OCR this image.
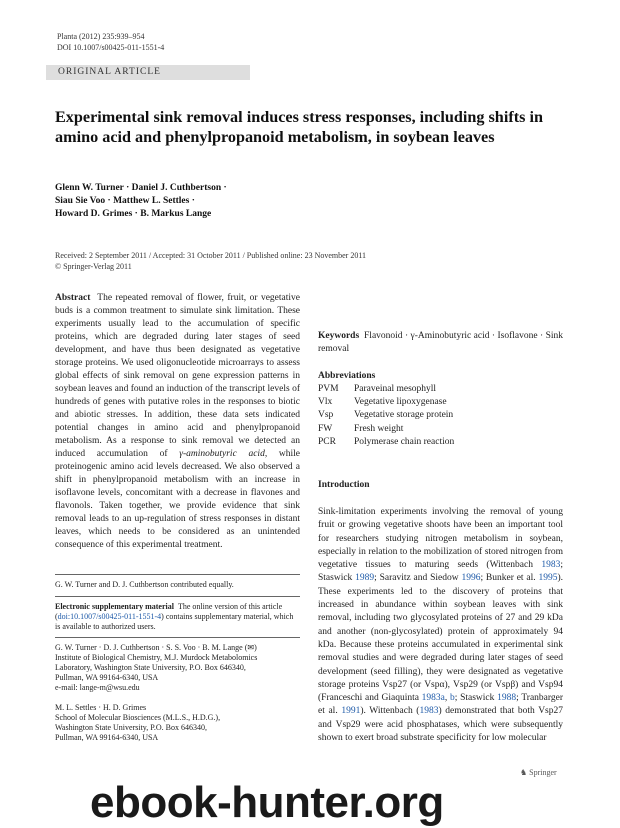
Planta (2012) 235:939–954
DOI 10.1007/s00425-011-1551-4
ORIGINAL ARTICLE
Experimental sink removal induces stress responses, including shifts in amino acid and phenylpropanoid metabolism, in soybean leaves
Glenn W. Turner · Daniel J. Cuthbertson ·
Siau Sie Voo · Matthew L. Settles ·
Howard D. Grimes · B. Markus Lange
Received: 2 September 2011 / Accepted: 31 October 2011 / Published online: 23 November 2011
© Springer-Verlag 2011
Abstract The repeated removal of flower, fruit, or vegetative buds is a common treatment to simulate sink limitation. These experiments usually lead to the accumulation of specific proteins, which are degraded during later stages of seed development, and have thus been designated as vegetative storage proteins. We used oligonucleotide microarrays to assess global effects of sink removal on gene expression patterns in soybean leaves and found an induction of the transcript levels of hundreds of genes with putative roles in the responses to biotic and abiotic stresses. In addition, these data sets indicated potential changes in amino acid and phenylpropanoid metabolism. As a response to sink removal we detected an induced accumulation of γ-aminobutyric acid, while proteinogenic amino acid levels decreased. We also observed a shift in phenylpropanoid metabolism with an increase in isoflavone levels, concomitant with a decrease in flavones and flavonols. Taken together, we provide evidence that sink removal leads to an up-regulation of stress responses in distant leaves, which needs to be considered as an unintended consequence of this experimental treatment.
G. W. Turner and D. J. Cuthbertson contributed equally.
Electronic supplementary material The online version of this article (doi:10.1007/s00425-011-1551-4) contains supplementary material, which is available to authorized users.
G. W. Turner · D. J. Cuthbertson · S. S. Voo · B. M. Lange (✉)
Institute of Biological Chemistry, M.J. Murdock Metabolomics
Laboratory, Washington State University, P.O. Box 646340,
Pullman, WA 99164-6340, USA
e-mail: lange-m@wsu.edu
M. L. Settles · H. D. Grimes
School of Molecular Biosciences (M.L.S., H.D.G.),
Washington State University, P.O. Box 646340,
Pullman, WA 99164-6340, USA
Keywords Flavonoid · γ-Aminobutyric acid · Isoflavone · Sink removal
Abbreviations
PVM	Paraveinal mesophyll
Vlx	Vegetative lipoxygenase
Vsp	Vegetative storage protein
FW	Fresh weight
PCR	Polymerase chain reaction
Introduction
Sink-limitation experiments involving the removal of young fruit or growing vegetative shoots have been an important tool for researchers studying nitrogen metabolism in soybean, especially in relation to the mobilization of stored nitrogen from vegetative tissues to maturing seeds (Wittenbach 1983; Staswick 1989; Saravitz and Siedow 1996; Bunker et al. 1995). These experiments led to the discovery of proteins that increased in abundance within soybean leaves with sink removal, including two glycosylated proteins of 27 and 29 kDa and another (non-glycosylated) protein of approximately 94 kDa. Because these proteins accumulated in experimental sink removal studies and were degraded during later stages of seed development (seed filling), they were designated as vegetative storage proteins Vsp27 (or Vspα), Vsp29 (or Vspβ) and Vsp94 (Franceschi and Giaquinta 1983a, b; Staswick 1988; Tranbarger et al. 1991). Wittenbach (1983) demonstrated that both Vsp27 and Vsp29 were acid phosphatases, which were subsequently shown to exert broad substrate specificity for low molecular
♞ Springer
ebook-hunter.org
